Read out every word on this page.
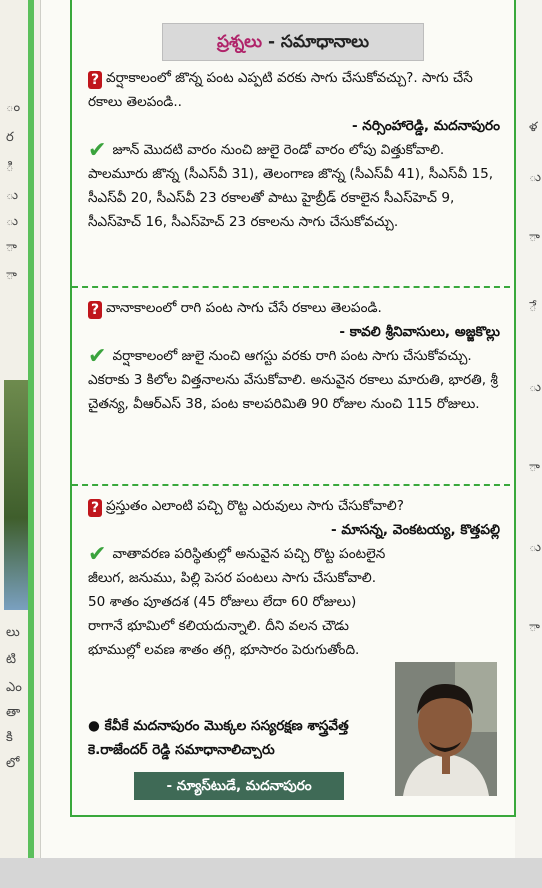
ం
ర
ి
ు
ు
ా
ా
లు
టి
ఎం
తా
కి
లో
ళ
ు
ా
ే
ు
ా
ు
ా
ప్రశ్నలు - సమాధానాలు
? వర్షాకాలంలో జొన్న పంట ఎప్పటి వరకు సాగు చేసుకోవచ్చు?. సాగు చేసే రకాలు తెలపండి..
- నర్సింహారెడ్డి, మదనాపురం
✔ జూన్ మొదటి వారం నుంచి జులై రెండో వారం లోపు విత్తుకోవాలి. పాలమూరు జొన్న (సీఎస్‌వీ 31), తెలంగాణ జొన్న (సీఎస్‌వీ 41), సీఎస్‌వీ 15, సీఎస్‌వీ 20, సీఎస్‌వీ 23 రకాలతో పాటు హైబ్రీడ్ రకాలైన సీఎస్‌హెచ్ 9, సీఎస్‌హెచ్ 16, సీఎస్‌హెచ్ 23 రకాలను సాగు చేసుకోవచ్చు.
? వానాకాలంలో రాగి పంట సాగు చేసే రకాలు తెలపండి.
- కావలి శ్రీనివాసులు, అజ్జకొల్లు
✔ వర్షాకాలంలో జులై నుంచి ఆగస్టు వరకు రాగి పంట సాగు చేసుకోవచ్చు. ఎకరాకు 3 కిలోల విత్తనాలను వేసుకోవాలి. అనువైన రకాలు మారుతి, భారతి, శ్రీ చైతన్య, వీఆర్‌ఎస్ 38, పంట కాలపరిమితి 90 రోజుల నుంచి 115 రోజులు.
? ప్రస్తుతం ఎలాంటి పచ్చి రొట్ట ఎరువులు సాగు చేసుకోవాలి?
- మాసన్న, వెంకటయ్య, కొత్తపల్లి
✔ వాతావరణ పరిస్థితుల్లో అనువైన పచ్చి రొట్ట పంటలైన జీలుగ, జనుము, పిల్లి పెసర పంటలు సాగు చేసుకోవాలి. 50 శాతం పూతదశ (45 రోజులు లేదా 60 రోజులు) రాగానే భూమిలో కలియదున్నాలి. దీని వలన చౌడు భూముల్లో లవణ శాతం తగ్గి, భూసారం పెరుగుతోంది.
● కేవీకే మదనాపురం మొక్కల సస్యరక్షణ శాస్త్రవేత్త కె.రాజేందర్ రెడ్డి సమాధానాలిచ్చారు
- న్యూస్‌టుడే, మదనాపురం
